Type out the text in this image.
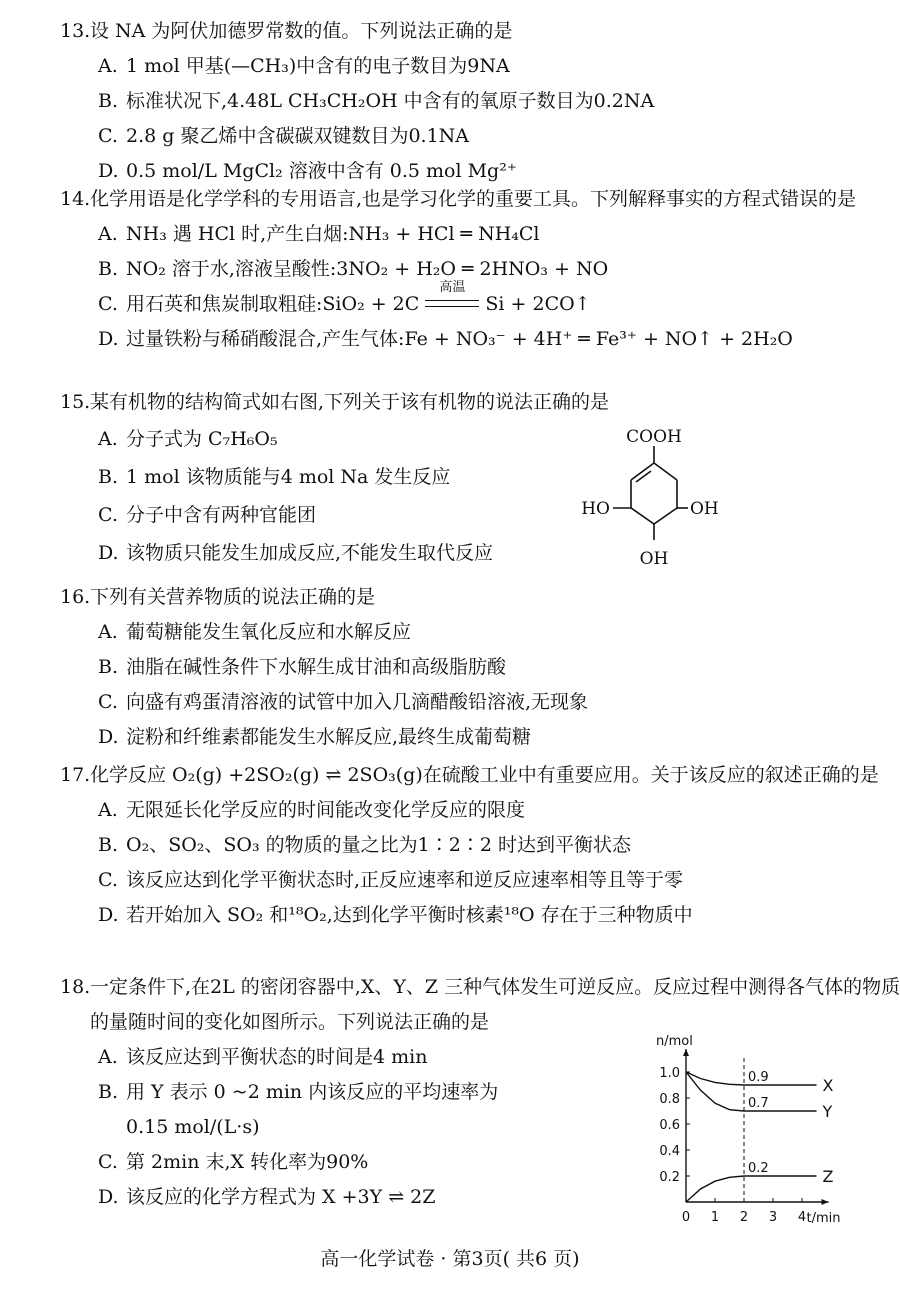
13.设 NA 为阿伏加德罗常数的值。下列说法正确的是
A. 1 mol 甲基(—CH₃)中含有的电子数目为9NA
B. 标准状况下,4.48L CH₃CH₂OH 中含有的氧原子数目为0.2NA
C. 2.8 g 聚乙烯中含碳碳双键数目为0.1NA
D. 0.5 mol/L MgCl₂ 溶液中含有 0.5 mol Mg²⁺
14.化学用语是化学学科的专用语言,也是学习化学的重要工具。下列解释事实的方程式错误的是
A. NH₃ 遇 HCl 时,产生白烟:NH₃ + HCl ═ NH₄Cl
B. NO₂ 溶于水,溶液呈酸性:3NO₂ + H₂O ═ 2HNO₃ + NO
C. 用石英和焦炭制取粗硅:SiO₂ + 2C
高温
Si + 2CO↑
D. 过量铁粉与稀硝酸混合,产生气体:Fe + NO₃⁻ + 4H⁺ ═ Fe³⁺ + NO↑ + 2H₂O
15.某有机物的结构简式如右图,下列关于该有机物的说法正确的是
A. 分子式为 C₇H₆O₅
B. 1 mol 该物质能与4 mol Na 发生反应
C. 分子中含有两种官能团
D. 该物质只能发生加成反应,不能发生取代反应
COOH
HO	OH
OH
16.下列有关营养物质的说法正确的是
A. 葡萄糖能发生氧化反应和水解反应
B. 油脂在碱性条件下水解生成甘油和高级脂肪酸
C. 向盛有鸡蛋清溶液的试管中加入几滴醋酸铅溶液,无现象
D. 淀粉和纤维素都能发生水解反应,最终生成葡萄糖
17.化学反应 O₂(g) +2SO₂(g) ⇌ 2SO₃(g)在硫酸工业中有重要应用。关于该反应的叙述正确的是
A. 无限延长化学反应的时间能改变化学反应的限度
B. O₂、SO₂、SO₃ 的物质的量之比为1∶2∶2 时达到平衡状态
C. 该反应达到化学平衡状态时,正反应速率和逆反应速率相等且等于零
D. 若开始加入 SO₂ 和¹⁸O₂,达到化学平衡时核素¹⁸O 存在于三种物质中
18.一定条件下,在2L 的密闭容器中,X、Y、Z 三种气体发生可逆反应。反应过程中测得各气体的物质的量随时间的变化如图所示。下列说法正确的是
A. 该反应达到平衡状态的时间是4 min
B. 用 Y 表示 0 ~2 min 内该反应的平均速率为
0.15 mol/(L·s)
C. 第 2min 末,X 转化率为90%
D. 该反应的化学方程式为 X +3Y ⇌ 2Z
0 1 2 3 4
0.2
0.4
0.6
0.8
1.0
n/mol
t/min
X
0.9
Y
0.7
Z
0.2
高一化学试卷 · 第3页( 共6 页)
